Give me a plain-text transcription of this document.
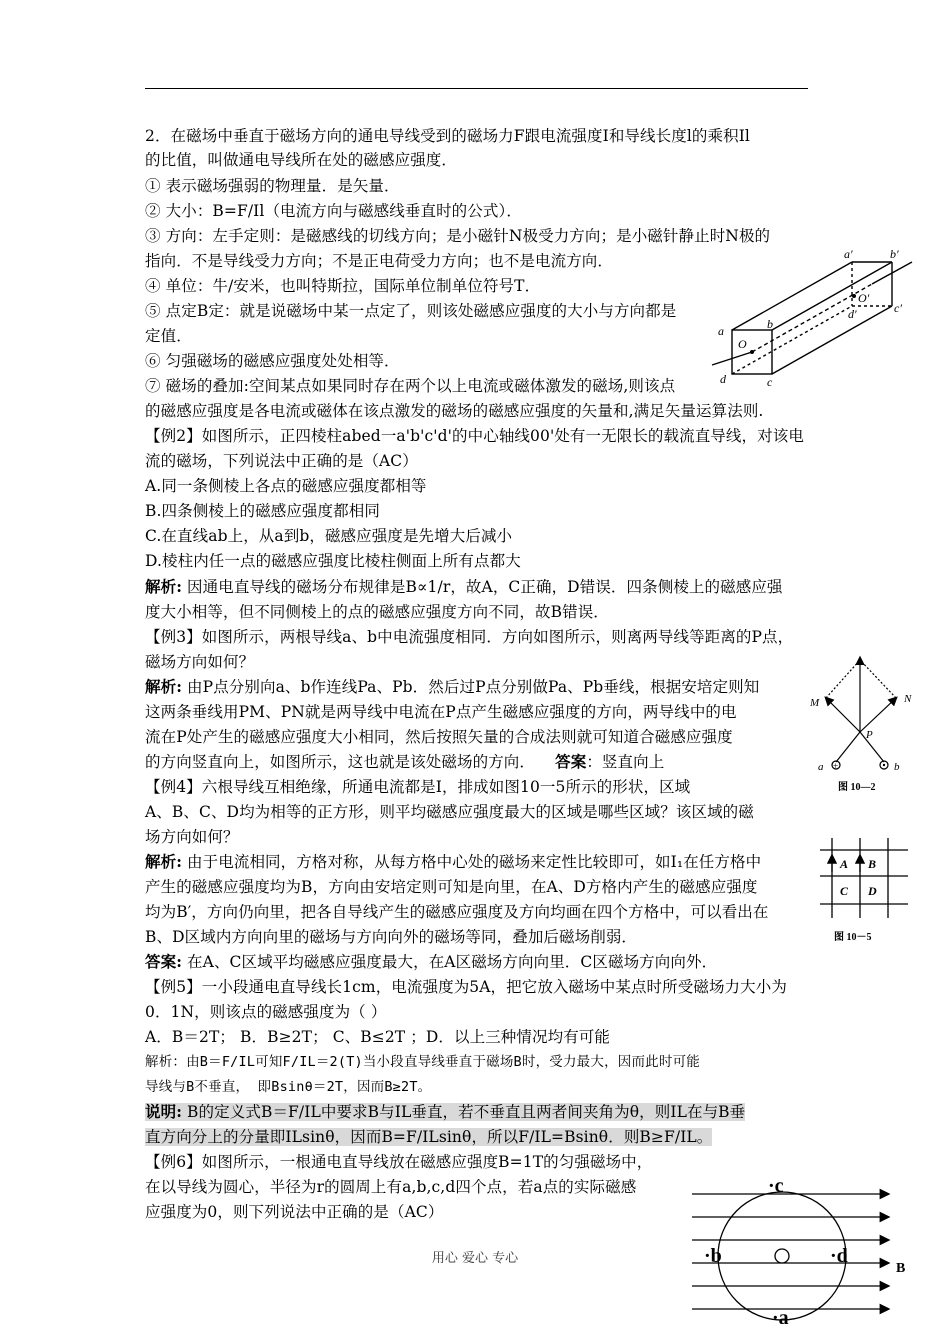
2．在磁场中垂直于磁场方向的通电导线受到的磁场力F跟电流强度I和导线长度l的乘积Il
的比值，叫做通电导线所在处的磁感应强度．
① 表示磁场强弱的物理量．是矢量．
② 大小：B=F/Il（电流方向与磁感线垂直时的公式）．
③ 方向：左手定则：是磁感线的切线方向；是小磁针N极受力方向；是小磁针静止时N极的
指向．不是导线受力方向；不是正电荷受力方向；也不是电流方向．
④ 单位：牛/安米，也叫特斯拉，国际单位制单位符号T．
⑤ 点定B定：就是说磁场中某一点定了，则该处磁感应强度的大小与方向都是
定值．
⑥ 匀强磁场的磁感应强度处处相等．
⑦ 磁场的叠加:空间某点如果同时存在两个以上电流或磁体激发的磁场,则该点
的磁感应强度是各电流或磁体在该点激发的磁场的磁感应强度的矢量和,满足矢量运算法则.
【例2】如图所示，正四棱柱abed一a'b'c'd'的中心轴线00'处有一无限长的载流直导线，对该电
流的磁场，下列说法中正确的是（AC）
A.同一条侧棱上各点的磁感应强度都相等
B.四条侧棱上的磁感应强度都相同
C.在直线ab上，从a到b，磁感应强度是先增大后减小
D.棱柱内任一点的磁感应强度比棱柱侧面上所有点都大
解析: 因通电直导线的磁场分布规律是B∝1/r，故A，C正确，D错误．四条侧棱上的磁感应强
度大小相等，但不同侧棱上的点的磁感应强度方向不同，故B错误．
【例3】如图所示，两根导线a、b中电流强度相同．方向如图所示，则离两导线等距离的P点，
磁场方向如何？
解析: 由P点分别向a、b作连线Pa、Pb．然后过P点分别做Pa、Pb垂线，根据安培定则知
这两条垂线用PM、PN就是两导线中电流在P点产生磁感应强度的方向，两导线中的电
流在P处产生的磁感应强度大小相同，然后按照矢量的合成法则就可知道合磁感应强度
的方向竖直向上，如图所示，这也就是该处磁场的方向． 答案：竖直向上
【例4】六根导线互相绝缘，所通电流都是I，排成如图10一5所示的形状，区域
A、B、C、D均为相等的正方形，则平均磁感应强度最大的区域是哪些区域？该区域的磁
场方向如何？
解析: 由于电流相同，方格对称，从每方格中心处的磁场来定性比较即可，如I₁在任方格中
产生的磁感应强度均为B，方向由安培定则可知是向里，在A、D方格内产生的磁感应强度
均为B′，方向仍向里，把各自导线产生的磁感应强度及方向均画在四个方格中，可以看出在
B、D区域内方向向里的磁场与方向向外的磁场等同，叠加后磁场削弱．
答案: 在A、C区域平均磁感应强度最大，在A区磁场方向向里．C区磁场方向向外．
【例5】一小段通电直导线长1cm，电流强度为5A，把它放入磁场中某点时所受磁场力大小为
0．1N，则该点的磁感强度为（ ）
A．B＝2T； B．B≥2T； C、B≤2T ；D．以上三种情况均有可能
解析：由B＝F/IL可知F/IL＝2(T)当小段直导线垂直于磁场B时，受力最大，因而此时可能
导线与B不垂直， 即Bsinθ＝2T，因而B≥2T。
说明: B的定义式B＝F/IL中要求B与IL垂直，若不垂直且两者间夹角为θ，则IL在与B垂
直方向分上的分量即ILsinθ，因而B=F/ILsinθ，所以F/IL=Bsinθ．则B≥F/IL。
【例6】如图所示，一根通电直导线放在磁感应强度B=1T的匀强磁场中，
在以导线为圆心，半径为r的圆周上有a,b,c,d四个点，若a点的实际磁感
应强度为0，则下列说法中正确的是（AC）
a	b
c
d
a′	b′
c′
d′
O
O′
+
M	N
P
a	b
图 10—2
A B
C D
图 10－5
·c
·b	·d
·a
B
用心 爱心 专心
